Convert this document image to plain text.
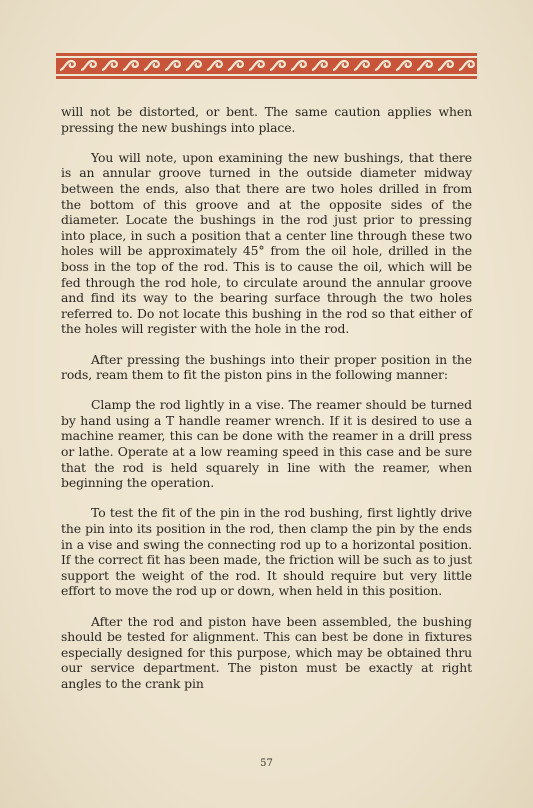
will not be distorted, or bent. The same caution applies when pressing the new bushings into place.

You will note, upon examining the new bushings, that there is an annular groove turned in the outside diameter midway between the ends, also that there are two holes drilled in from the bottom of this groove and at the opposite sides of the diameter. Locate the bushings in the rod just prior to pressing into place, in such a position that a center line through these two holes will be approximately 45° from the oil hole, drilled in the boss in the top of the rod. This is to cause the oil, which will be fed through the rod hole, to circulate around the annular groove and find its way to the bearing surface through the two holes referred to. Do not locate this bushing in the rod so that either of the holes will register with the hole in the rod.

After pressing the bushings into their proper position in the rods, ream them to fit the piston pins in the following manner:

Clamp the rod lightly in a vise. The reamer should be turned by hand using a T handle reamer wrench. If it is desired to use a machine reamer, this can be done with the reamer in a drill press or lathe. Operate at a low reaming speed in this case and be sure that the rod is held squarely in line with the reamer, when beginning the operation.

To test the fit of the pin in the rod bushing, first lightly drive the pin into its position in the rod, then clamp the pin by the ends in a vise and swing the connecting rod up to a horizontal position. If the correct fit has been made, the friction will be such as to just support the weight of the rod. It should require but very little effort to move the rod up or down, when held in this position.

After the rod and piston have been assembled, the bushing should be tested for alignment. This can best be done in fixtures especially designed for this purpose, which may be obtained thru our service department. The piston must be exactly at right angles to the crank pin

57
